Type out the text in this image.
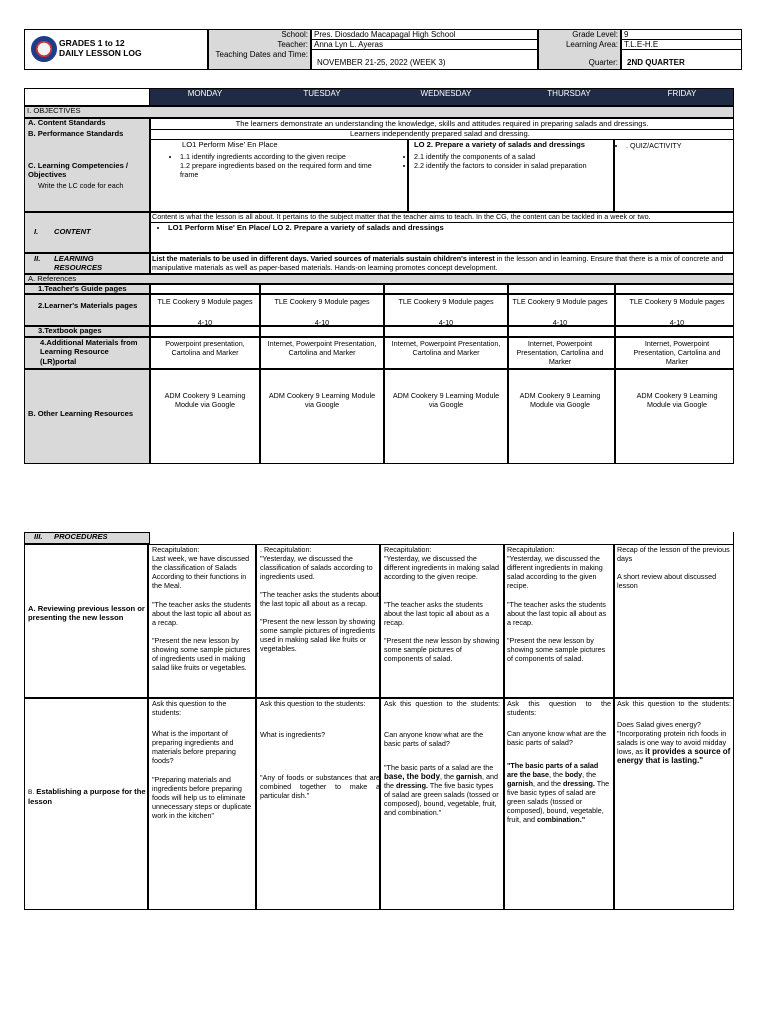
GRADES 1 to 12
DAILY LESSON LOG
School:
Teacher:
Teaching Dates and Time:
Pres. Diosdado Macapagal High School
Anna Lyn L. Ayeras
NOVEMBER 21-25, 2022 (WEEK 3)
Grade Level:
Learning Area:
Quarter:
9
T.L.E-H.E
2ND QUARTER
MONDAY	TUESDAY	WEDNESDAY	THURSDAY	FRIDAY
I. OBJECTIVES
A. Content Standards
B. Performance Standards
C. Learning Competencies / Objectives
Write the LC code for each
The learners demonstrate an understanding the knowledge, skills and attitudes required in preparing salads and dressings.
Learners independently prepared salad and dressing.
LO1 Perform Mise' En Place
• 1.1 identify ingredients according to the given recipe
1.2 prepare ingredients based on the required form and time frame
LO 2. Prepare a variety of salads and dressings
• 2.1 identify the components of a salad
• 2.2 identify the factors to consider in salad preparation
• . QUIZ/ACTIVITY
Content is what the lesson is all about. It pertains to the subject matter that the teacher aims to teach. In the CG, the content can be tackled in a week or two.
I. CONTENT
•	LO1 Perform Mise' En Place/ LO 2. Prepare a variety of salads and dressings
II. LEARNING RESOURCES
List the materials to be used in different days. Varied sources of materials sustain children's interest in the lesson and in learning. Ensure that there is a mix of concrete and manipulative materials as well as paper-based materials. Hands-on learning promotes concept development.
A. References
1.Teacher's Guide pages
2.Learner's Materials pages
3.Textbook pages
4.Additional Materials from Learning Resource (LR)portal
B. Other Learning Resources
TLE Cookery 9 Module pages
4-10
TLE Cookery 9 Module pages
4-10
TLE Cookery 9 Module pages
4-10
TLE Cookery 9 Module pages
4-10
TLE Cookery 9 Module pages
4-10
Powerpoint presentation, Cartolina and Marker
Internet, Powerpoint Presentation, Cartolina and Marker
Internet, Powerpoint Presentation, Cartolina and Marker
Internet, Powerpoint Presentation, Cartolina and Marker
Internet, Powerpoint Presentation, Cartolina and Marker
ADM Cookery 9 Learning Module via Google
ADM Cookery 9 Learning Module via Google
ADM Cookery 9 Learning Module via Google
ADM Cookery 9 Learning Module via Google
ADM Cookery 9 Learning Module via Google
III. PROCEDURES
A. Reviewing previous lesson or presenting the new lesson
B. Establishing a purpose for the lesson
Recapitulation:
Last week, we have discussed the classification of Salads According to their functions in the Meal.
"The teacher asks the students about the last topic all about as a recap.
"Present the new lesson by showing some sample pictures of ingredients used in making salad like fruits or vegetables.
. Recapitulation:
"Yesterday, we discussed the classification of salads according to ingredients used.
"The teacher asks the students about the last topic all about as a recap.
"Present the new lesson by showing some sample pictures of ingredients used in making salad like fruits or vegetables.
Recapitulation:
"Yesterday, we discussed the different ingredients in making salad according to the given recipe.
"The teacher asks the students about the last topic all about as a recap.
"Present the new lesson by showing some sample pictures of components of salad.
Recapitulation:
"Yesterday, we discussed the different ingredients in making salad according to the given recipe.
"The teacher asks the students about the last topic all about as a recap.
"Present the new lesson by showing some sample pictures of components of salad.
Recap of the lesson of the previous days
A short review about discussed lesson
Ask this question to the students:
What is the important of preparing ingredients and materials before preparing foods?
"Preparing materials and ingredients before preparing foods will help us to eliminate unnecessary steps or duplicate work in the kitchen"
Ask this question to the students:
What is ingredients?
"Any of foods or substances that are combined together to make a particular dish."
Ask this question to the students:
Can anyone know what are the basic parts of salad?
"The basic parts of a salad are the base, the body, the garnish, and the dressing. The five basic types of salad are green salads (tossed or composed), bound, vegetable, fruit, and combination."
Ask this question to the students:
Can anyone know what are the basic parts of salad?
"The basic parts of a salad are the base, the body, the garnish, and the dressing. The five basic types of salad are green salads (tossed or composed), bound, vegetable, fruit, and combination."
Ask this question to the students:
Does Salad gives energy?
"Incorporating protein rich foods in salads is one way to avoid midday lows, as it provides a source of energy that is lasting."
